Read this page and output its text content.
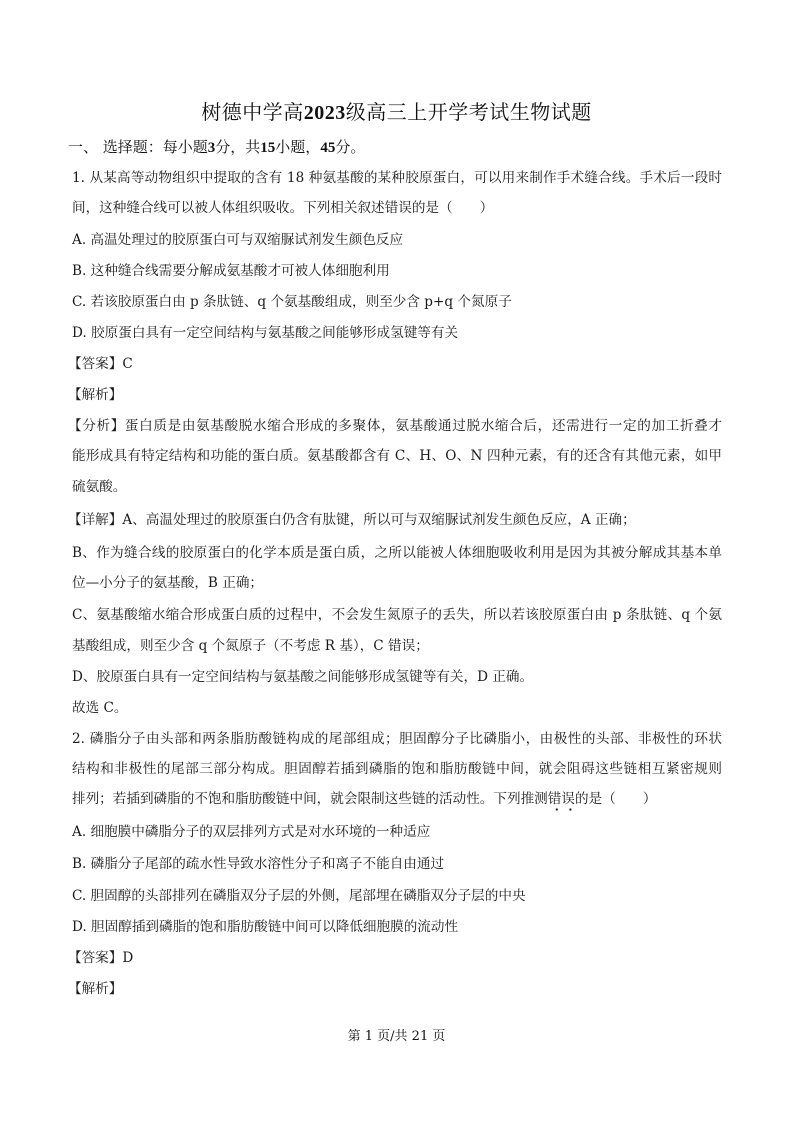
树德中学高2023级高三上开学考试生物试题
一、 选择题：每小题3分，共15小题，45分。
1. 从某高等动物组织中提取的含有 18 种氨基酸的某种胶原蛋白，可以用来制作手术缝合线。手术后一段时
间，这种缝合线可以被人体组织吸收。下列相关叙述错误的是（　　）
A. 高温处理过的胶原蛋白可与双缩脲试剂发生颜色反应
B. 这种缝合线需要分解成氨基酸才可被人体细胞利用
C. 若该胶原蛋白由 p 条肽链、q 个氨基酸组成，则至少含 p+q 个氮原子
D. 胶原蛋白具有一定空间结构与氨基酸之间能够形成氢键等有关
【答案】C
【解析】
【分析】蛋白质是由氨基酸脱水缩合形成的多聚体，氨基酸通过脱水缩合后，还需进行一定的加工折叠才
能形成具有特定结构和功能的蛋白质。氨基酸都含有 C、H、O、N 四种元素，有的还含有其他元素，如甲
硫氨酸。
【详解】A、高温处理过的胶原蛋白仍含有肽键，所以可与双缩脲试剂发生颜色反应，A 正确；
B、作为缝合线的胶原蛋白的化学本质是蛋白质，之所以能被人体细胞吸收利用是因为其被分解成其基本单
位—小分子的氨基酸，B 正确；
C、氨基酸缩水缩合形成蛋白质的过程中，不会发生氮原子的丢失，所以若该胶原蛋白由 p 条肽链、q 个氨
基酸组成，则至少含 q 个氮原子（不考虑 R 基），C 错误；
D、胶原蛋白具有一定空间结构与氨基酸之间能够形成氢键等有关，D 正确。
故选 C。
2. 磷脂分子由头部和两条脂肪酸链构成的尾部组成；胆固醇分子比磷脂小，由极性的头部、非极性的环状
结构和非极性的尾部三部分构成。胆固醇若插到磷脂的饱和脂肪酸链中间，就会阻碍这些链相互紧密规则
排列；若插到磷脂的不饱和脂肪酸链中间，就会限制这些链的活动性。下列推测错误的是（　　）
A. 细胞膜中磷脂分子的双层排列方式是对水环境的一种适应
B. 磷脂分子尾部的疏水性导致水溶性分子和离子不能自由通过
C. 胆固醇的头部排列在磷脂双分子层的外侧，尾部埋在磷脂双分子层的中央
D. 胆固醇插到磷脂的饱和脂肪酸链中间可以降低细胞膜的流动性
【答案】D
【解析】
第 1 页/共 21 页
